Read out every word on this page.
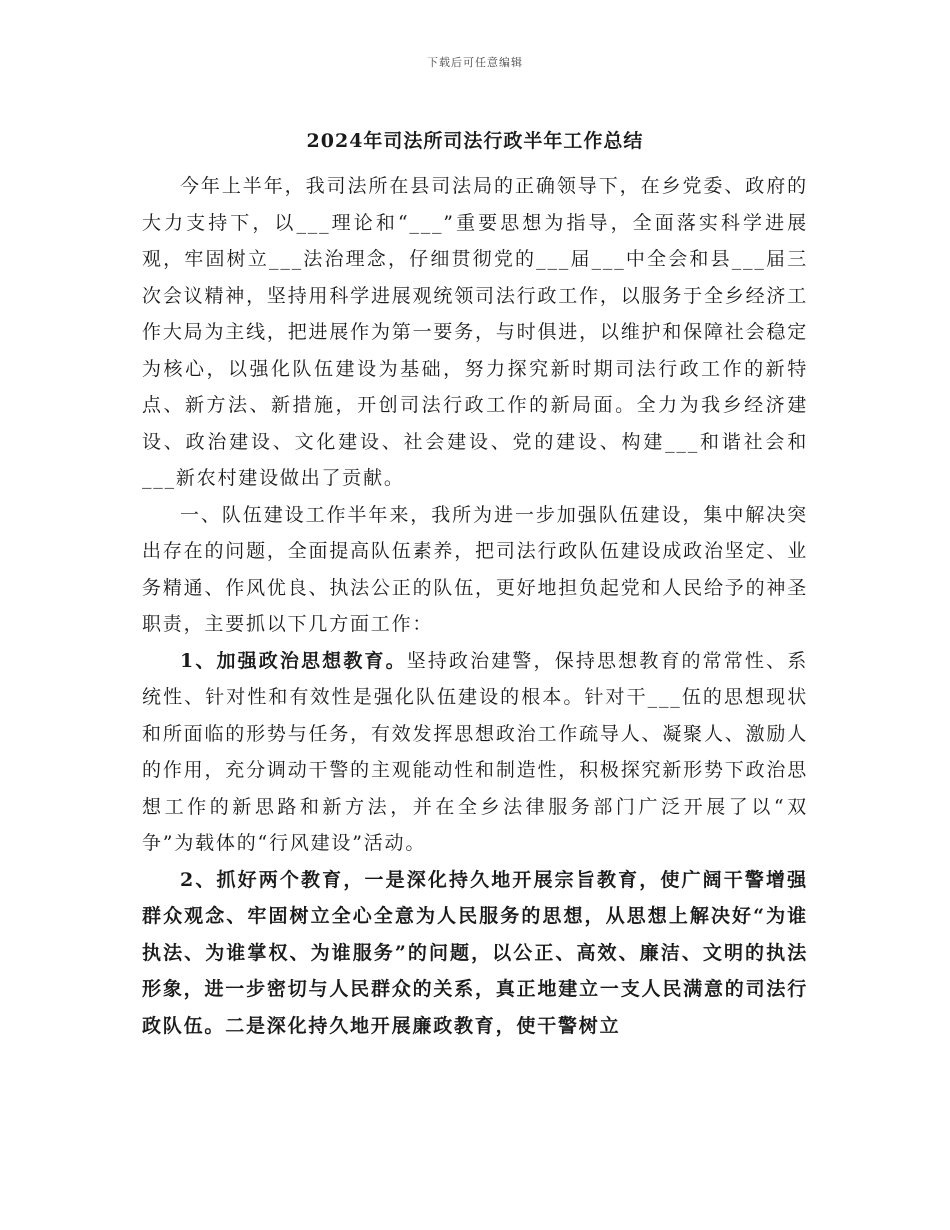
下载后可任意编辑
2024年司法所司法行政半年工作总结

今年上半年，我司法所在县司法局的正确领导下，在乡党委、政府的大力支持下，以___理论和“___”重要思想为指导，全面落实科学进展观，牢固树立___法治理念，仔细贯彻党的___届___中全会和县___届三次会议精神，坚持用科学进展观统领司法行政工作，以服务于全乡经济工作大局为主线，把进展作为第一要务，与时俱进，以维护和保障社会稳定为核心，以强化队伍建设为基础，努力探究新时期司法行政工作的新特点、新方法、新措施，开创司法行政工作的新局面。全力为我乡经济建设、政治建设、文化建设、社会建设、党的建设、构建___和谐社会和___新农村建设做出了贡献。

一、队伍建设工作半年来，我所为进一步加强队伍建设，集中解决突出存在的问题，全面提高队伍素养，把司法行政队伍建设成政治坚定、业务精通、作风优良、执法公正的队伍，更好地担负起党和人民给予的神圣职责，主要抓以下几方面工作：

1、加强政治思想教育。坚持政治建警，保持思想教育的常常性、系统性、针对性和有效性是强化队伍建设的根本。针对干___伍的思想现状和所面临的形势与任务，有效发挥思想政治工作疏导人、凝聚人、激励人的作用，充分调动干警的主观能动性和制造性，积极探究新形势下政治思想工作的新思路和新方法，并在全乡法律服务部门广泛开展了以“双争”为载体的“行风建设”活动。

2、抓好两个教育，一是深化持久地开展宗旨教育，使广阔干警增强群众观念、牢固树立全心全意为人民服务的思想，从思想上解决好“为谁执法、为谁掌权、为谁服务”的问题，以公正、高效、廉洁、文明的执法形象，进一步密切与人民群众的关系，真正地建立一支人民满意的司法行政队伍。二是深化持久地开展廉政教育，使干警树立
